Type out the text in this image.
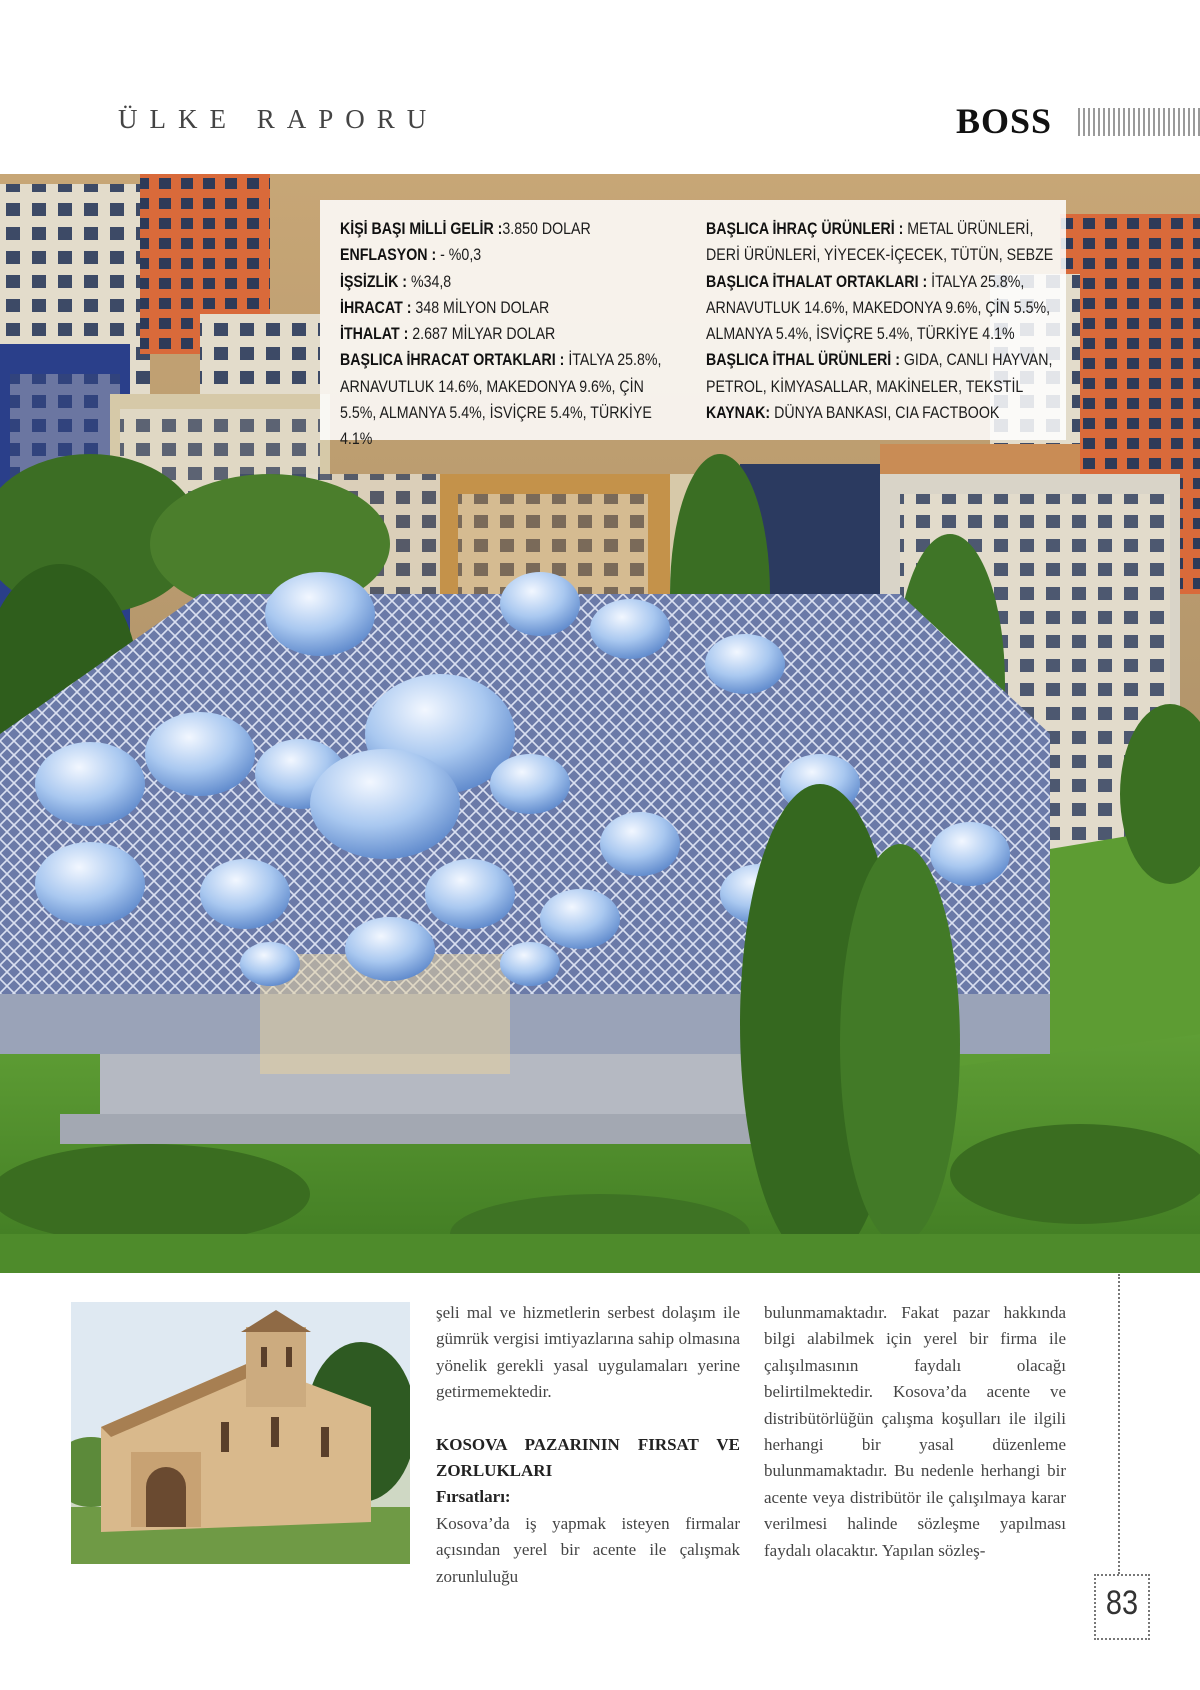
ÜLKE RAPORU	BOSS

KİŞİ BAŞI MİLLİ GELİR :3.850 DOLAR

ENFLASYON : - %0,3

İŞSİZLİK : %34,8

İHRACAT : 348 MİLYON DOLAR

İTHALAT : 2.687 MİLYAR DOLAR

BAŞLICA İHRACAT ORTAKLARI : İTALYA 25.8%, ARNAVUTLUK 14.6%, MAKEDONYA 9.6%, ÇİN 5.5%, ALMANYA 5.4%, İSVİÇRE 5.4%, TÜRKİYE 4.1%

BAŞLICA İHRAÇ ÜRÜNLERİ : METAL ÜRÜNLERİ, DERİ ÜRÜNLERİ, YİYECEK-İÇECEK, TÜTÜN, SEBZE

BAŞLICA İTHALAT ORTAKLARI : İTALYA 25.8%, ARNAVUTLUK 14.6%, MAKEDONYA 9.6%, ÇİN 5.5%, ALMANYA 5.4%, İSVİÇRE 5.4%, TÜRKİYE 4.1%

BAŞLICA İTHAL ÜRÜNLERİ : GIDA, CANLI HAYVAN, PETROL, KİMYASALLAR, MAKİNELER, TEKSTİL

KAYNAK: DÜNYA BANKASI, CIA FACTBOOK

şeli mal ve hizmetlerin serbest dolaşım ile gümrük vergisi imtiyazlarına sahip olmasına yönelik gerekli yasal uygulamaları yerine getirmemektedir.

KOSOVA PAZARININ FIRSAT VE ZORLUKLARI

Fırsatları:

Kosova’da iş yapmak isteyen firmalar açısından yerel bir acente ile çalışmak zorunluluğu

bulunmamaktadır. Fakat pazar hakkında bilgi alabilmek için yerel bir firma ile çalışılmasının faydalı olacağı belirtilmektedir. Kosova’da acente ve distribütörlüğün çalışma koşulları ile ilgili herhangi bir yasal düzenleme bulunmamaktadır. Bu nedenle herhangi bir acente veya distribütör ile çalışılmaya karar verilmesi halinde sözleşme yapılması faydalı olacaktır. Yapılan sözleş-

83
